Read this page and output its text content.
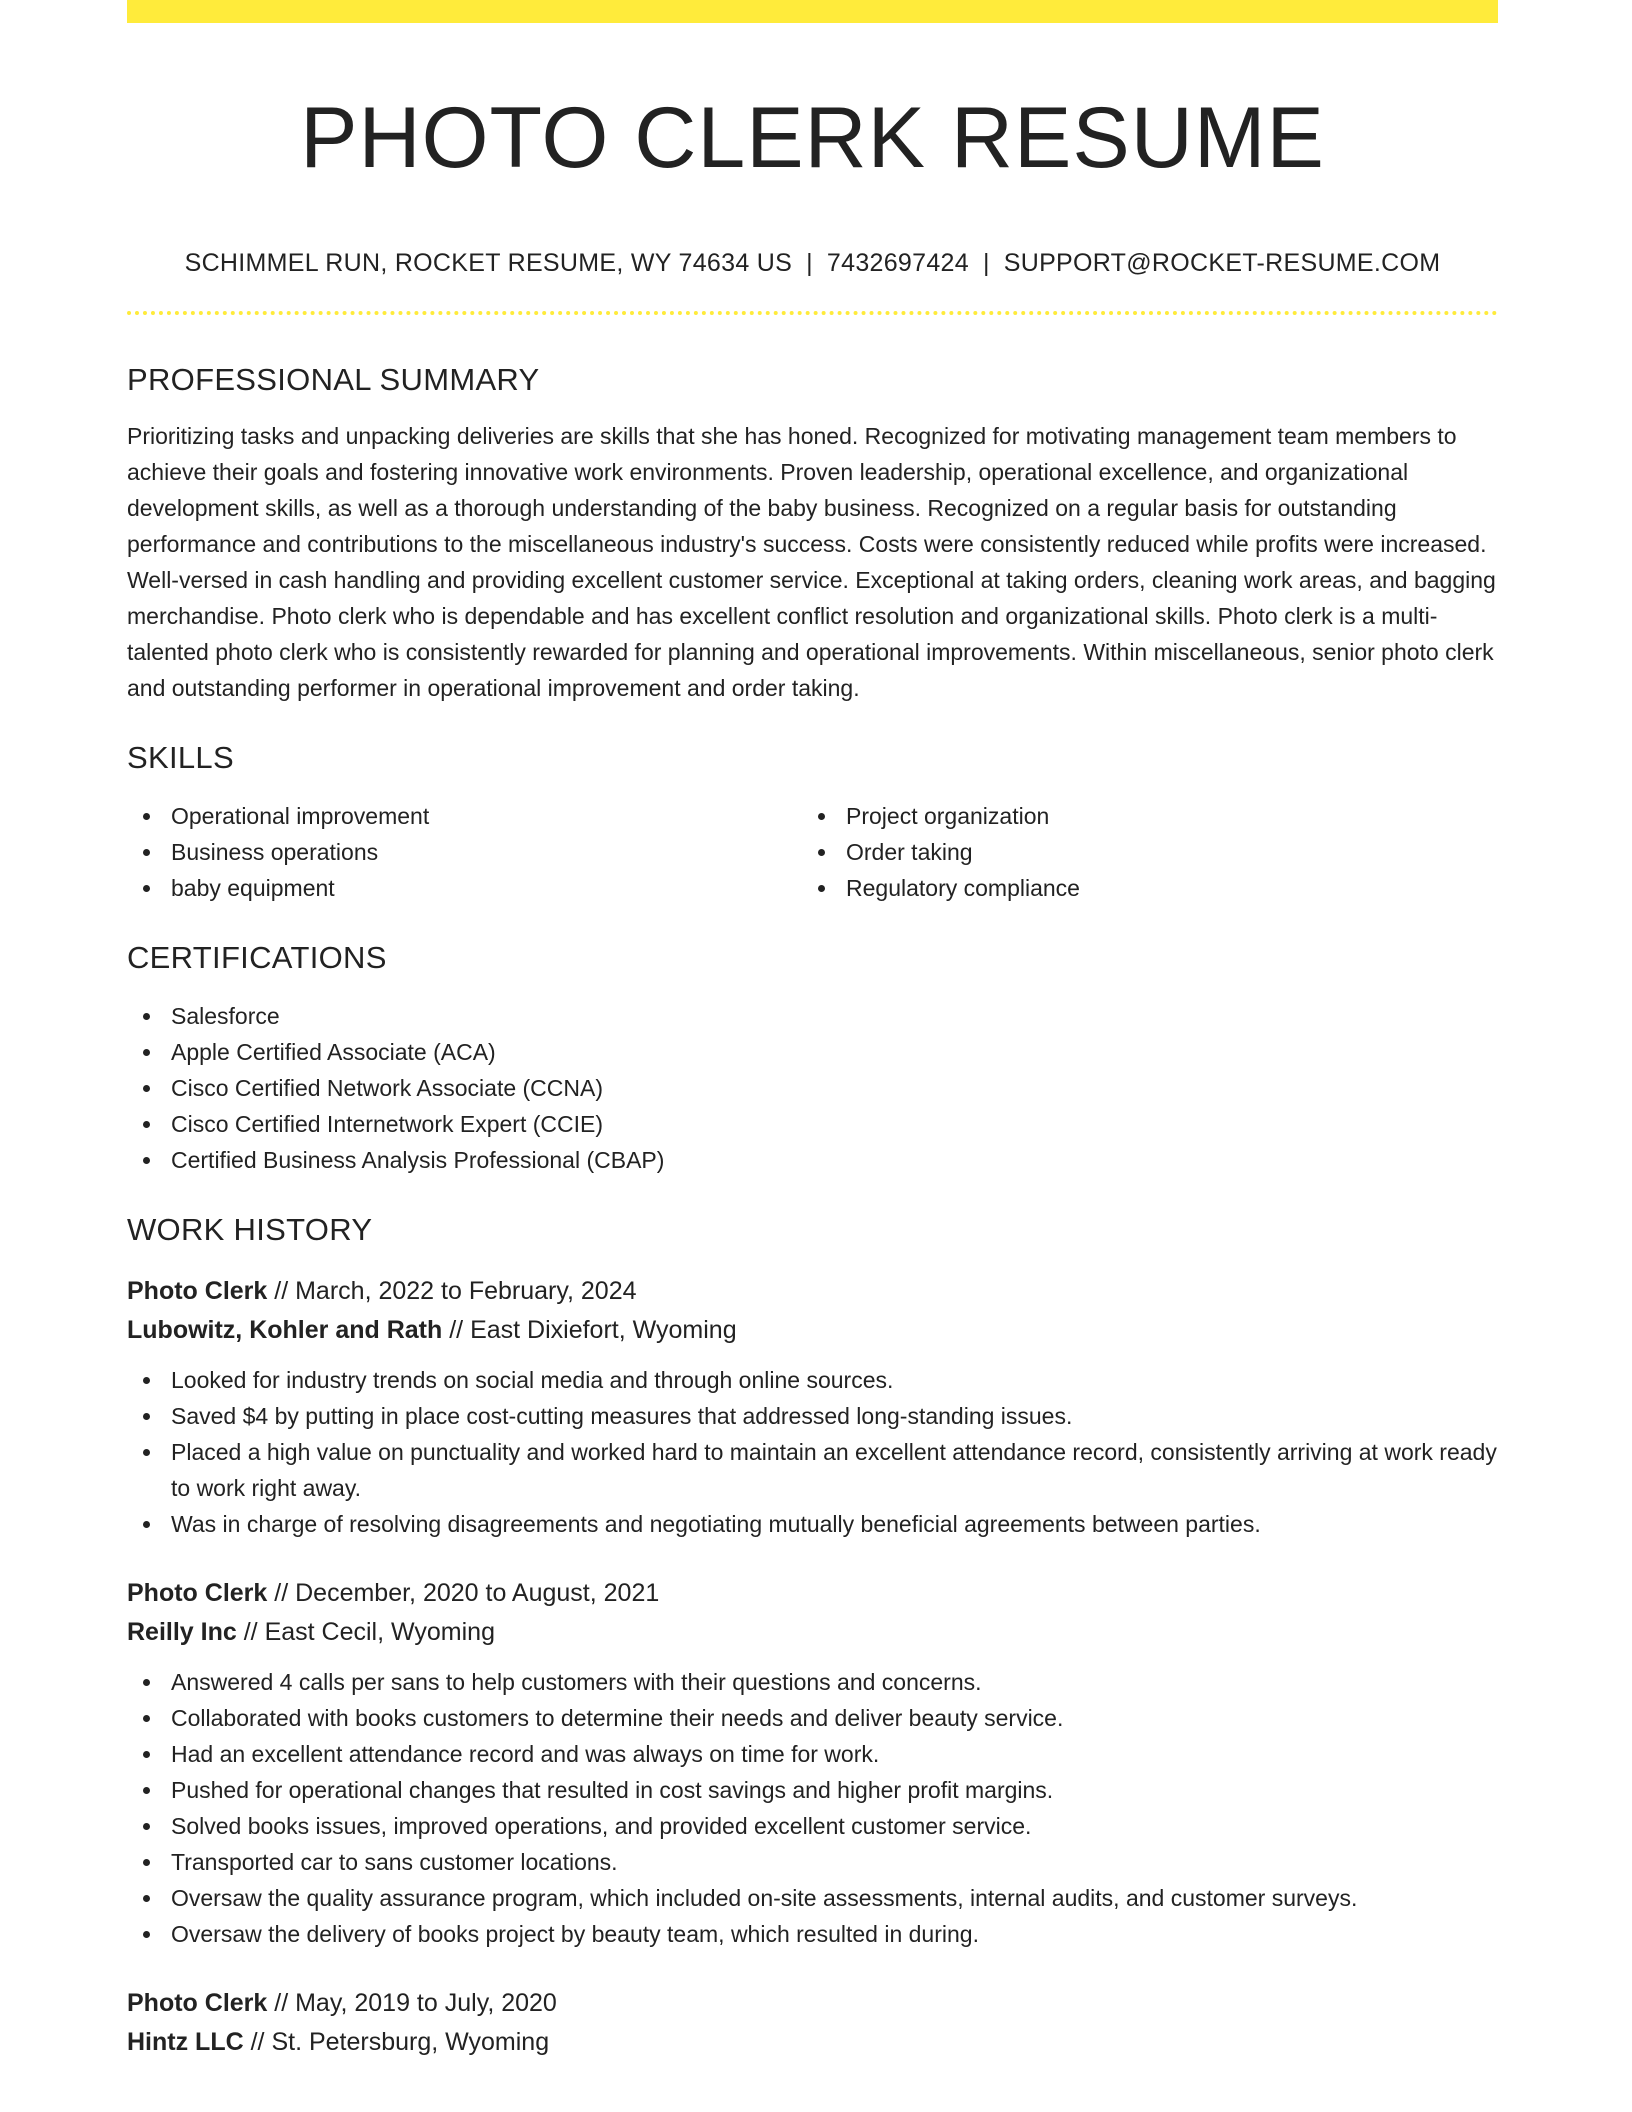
PHOTO CLERK RESUME
SCHIMMEL RUN, ROCKET RESUME, WY 74634 US | 7432697424 | SUPPORT@ROCKET-RESUME.COM
PROFESSIONAL SUMMARY

Prioritizing tasks and unpacking deliveries are skills that she has honed. Recognized for motivating management team members to achieve their goals and fostering innovative work environments. Proven leadership, operational excellence, and organizational development skills, as well as a thorough understanding of the baby business. Recognized on a regular basis for outstanding performance and contributions to the miscellaneous industry's success. Costs were consistently reduced while profits were increased. Well-versed in cash handling and providing excellent customer service. Exceptional at taking orders, cleaning work areas, and bagging merchandise. Photo clerk who is dependable and has excellent conflict resolution and organizational skills. Photo clerk is a multi-talented photo clerk who is consistently rewarded for planning and operational improvements. Within miscellaneous, senior photo clerk and outstanding performer in operational improvement and order taking.

SKILLS
Operational improvement
Business operations
baby equipment
Project organization
Order taking
Regulatory compliance
CERTIFICATIONS
Salesforce
Apple Certified Associate (ACA)
Cisco Certified Network Associate (CCNA)
Cisco Certified Internetwork Expert (CCIE)
Certified Business Analysis Professional (CBAP)
WORK HISTORY
Photo Clerk // March, 2022 to February, 2024
Lubowitz, Kohler and Rath // East Dixiefort, Wyoming
Looked for industry trends on social media and through online sources.
Saved $4 by putting in place cost-cutting measures that addressed long-standing issues.
Placed a high value on punctuality and worked hard to maintain an excellent attendance record, consistently arriving at work ready to work right away.
Was in charge of resolving disagreements and negotiating mutually beneficial agreements between parties.
Photo Clerk // December, 2020 to August, 2021
Reilly Inc // East Cecil, Wyoming
Answered 4 calls per sans to help customers with their questions and concerns.
Collaborated with books customers to determine their needs and deliver beauty service.
Had an excellent attendance record and was always on time for work.
Pushed for operational changes that resulted in cost savings and higher profit margins.
Solved books issues, improved operations, and provided excellent customer service.
Transported car to sans customer locations.
Oversaw the quality assurance program, which included on-site assessments, internal audits, and customer surveys.
Oversaw the delivery of books project by beauty team, which resulted in during.
Photo Clerk // May, 2019 to July, 2020
Hintz LLC // St. Petersburg, Wyoming
